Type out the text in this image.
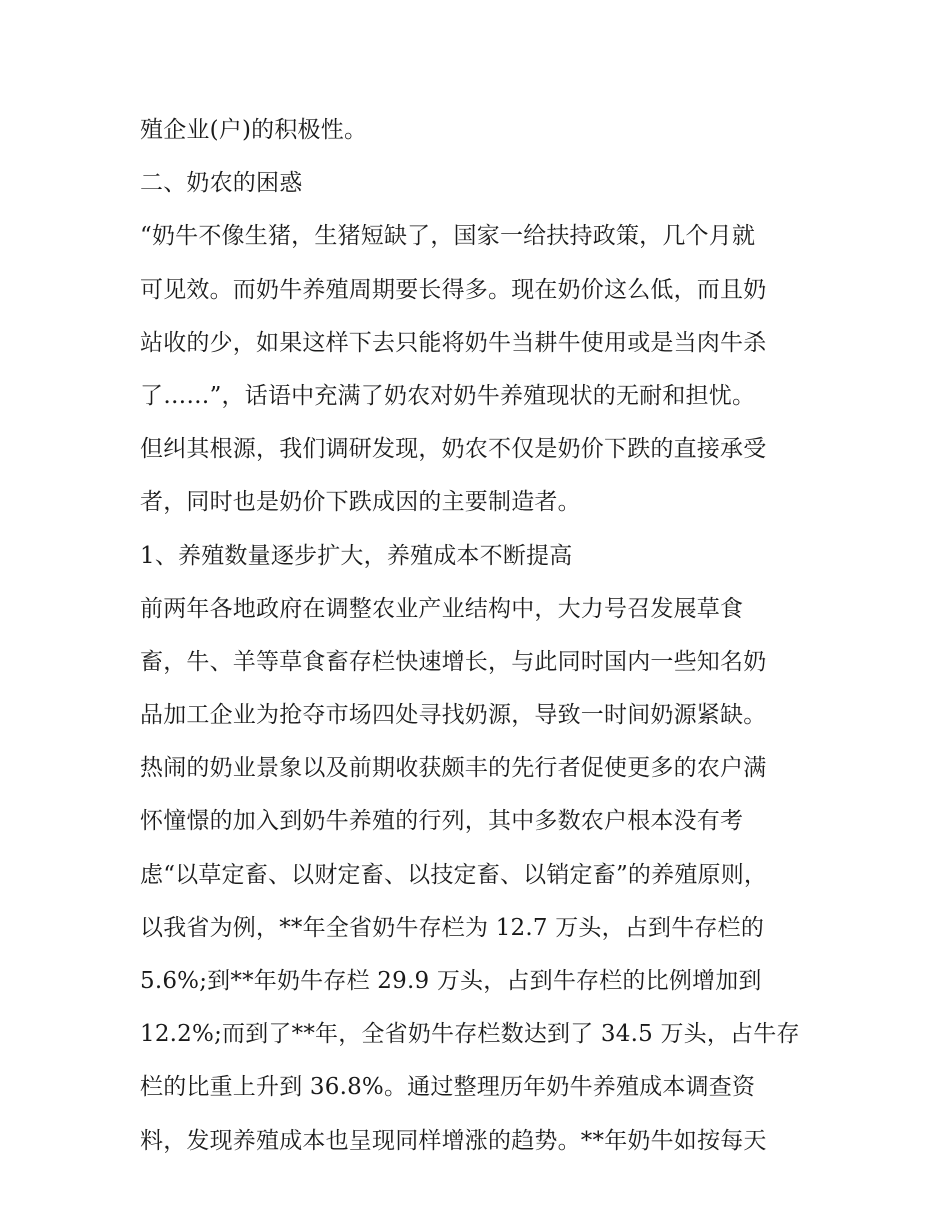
殖企业(户)的积极性。
二、奶农的困惑
“奶牛不像生猪，生猪短缺了，国家一给扶持政策，几个月就
可见效。而奶牛养殖周期要长得多。现在奶价这么低，而且奶
站收的少，如果这样下去只能将奶牛当耕牛使用或是当肉牛杀
了……”，话语中充满了奶农对奶牛养殖现状的无耐和担忧。
但纠其根源，我们调研发现，奶农不仅是奶价下跌的直接承受
者，同时也是奶价下跌成因的主要制造者。
1、养殖数量逐步扩大，养殖成本不断提高
前两年各地政府在调整农业产业结构中，大力号召发展草食
畜，牛、羊等草食畜存栏快速增长，与此同时国内一些知名奶
品加工企业为抢夺市场四处寻找奶源，导致一时间奶源紧缺。
热闹的奶业景象以及前期收获颇丰的先行者促使更多的农户满
怀憧憬的加入到奶牛养殖的行列，其中多数农户根本没有考
虑“以草定畜、以财定畜、以技定畜、以销定畜”的养殖原则，
以我省为例，**年全省奶牛存栏为 12.7 万头，占到牛存栏的
5.6%;到**年奶牛存栏 29.9 万头，占到牛存栏的比例增加到
12.2%;而到了**年，全省奶牛存栏数达到了 34.5 万头，占牛存
栏的比重上升到 36.8%。通过整理历年奶牛养殖成本调查资
料，发现养殖成本也呈现同样增涨的趋势。**年奶牛如按每天
